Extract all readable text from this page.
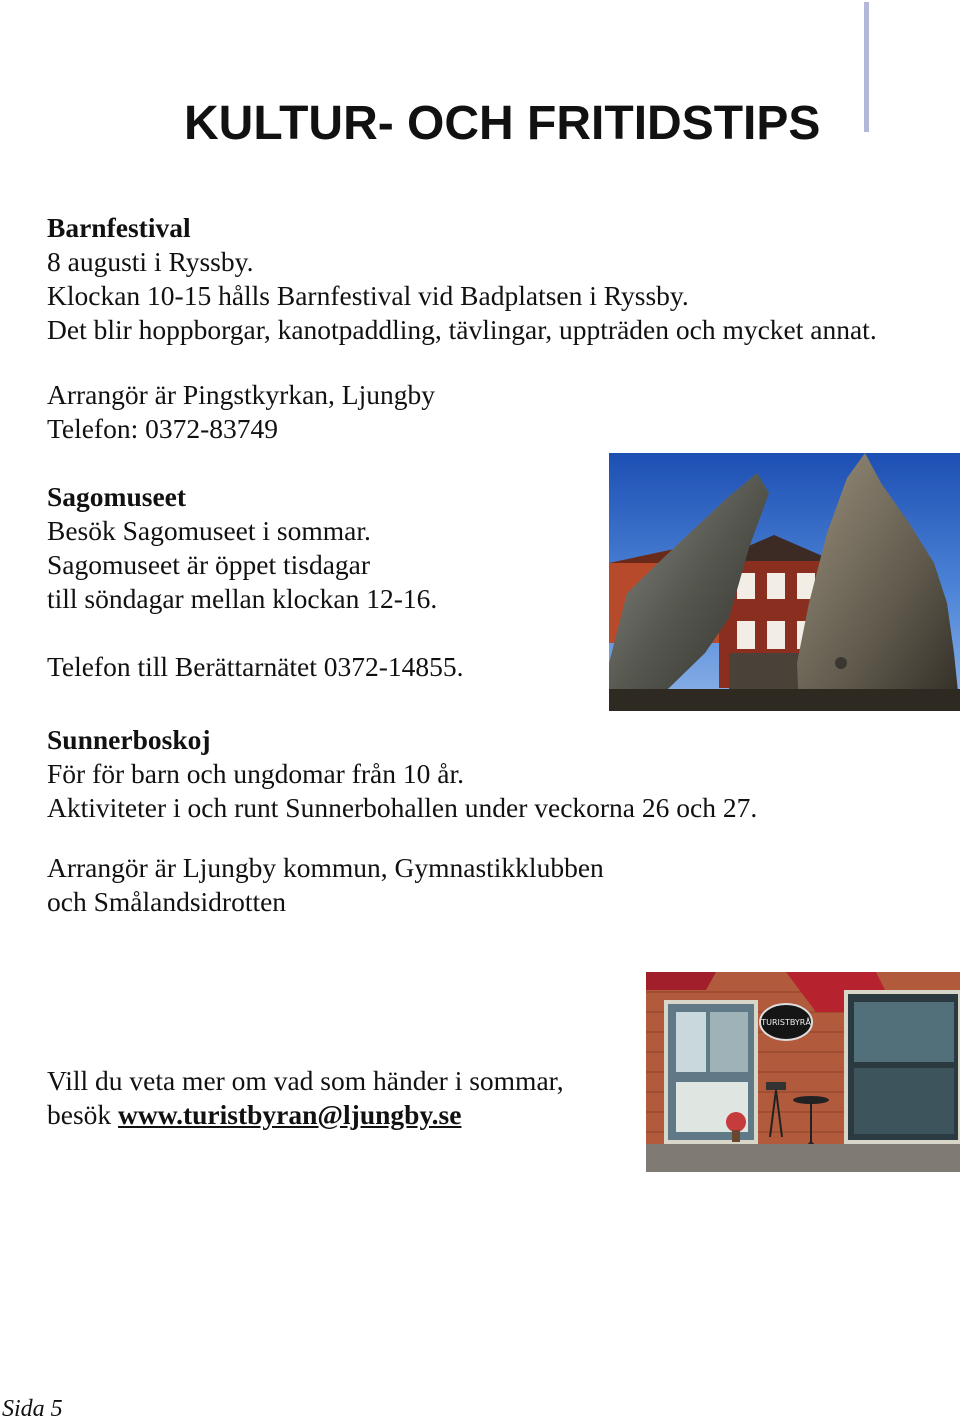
KULTUR- OCH FRITIDSTIPS
Barnfestival
8 augusti i Ryssby.
Klockan 10-15 hålls Barnfestival vid Badplatsen i Ryssby.
Det blir hoppborgar, kanotpaddling, tävlingar, uppträden och mycket annat.
Arrangör är Pingstkyrkan, Ljungby
Telefon: 0372-83749
Sagomuseet
Besök Sagomuseet i sommar.
Sagomuseet är öppet tisdagar
till söndagar mellan klockan 12-16.
Telefon till Berättarnätet 0372-14855.
Sunnerboskoj
För för barn och ungdomar från 10 år.
Aktiviteter i och runt Sunnerbohallen under veckorna 26 och 27.
Arrangör är Ljungby kommun, Gymnastikklubben
och Smålandsidrotten
Vill du veta mer om vad som händer i sommar,
besök www.turistbyran@ljungby.se
TURISTBYRÅ
Sida 5
